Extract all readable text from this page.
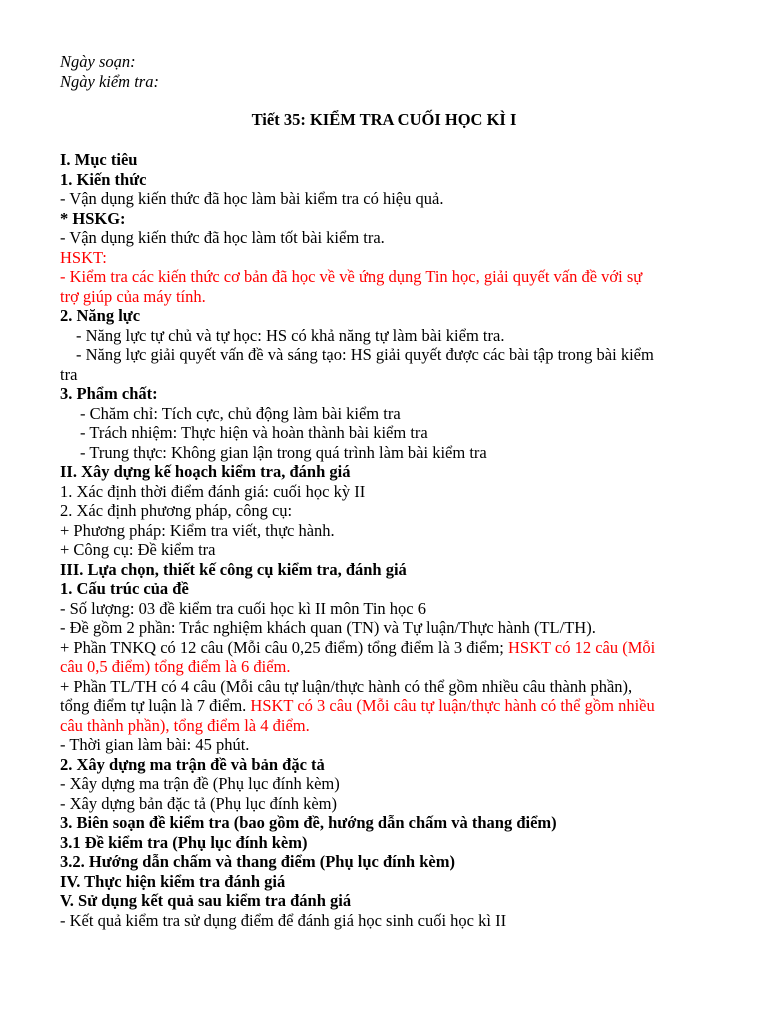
Ngày soạn:
Ngày kiểm tra:
Tiết 35: KIỂM TRA CUỐI HỌC KÌ I
I. Mục tiêu
1. Kiến thức
- Vận dụng kiến thức đã học làm bài kiểm tra có hiệu quả.
* HSKG:
- Vận dụng kiến thức đã học làm tốt bài kiểm tra.
HSKT:
- Kiểm tra các kiến thức cơ bản đã học về về ứng dụng Tin học, giải quyết vấn đề với sự
trợ giúp của máy tính.
2. Năng lực
- Năng lực tự chủ và tự học: HS có khả năng tự làm bài kiểm tra.
- Năng lực giải quyết vấn đề và sáng tạo: HS giải quyết được các bài tập trong bài kiểm
tra
3. Phẩm chất:
- Chăm chỉ: Tích cực, chủ động làm bài kiểm tra
- Trách nhiệm: Thực hiện và hoàn thành bài kiểm tra
- Trung thực: Không gian lận trong quá trình làm bài kiểm tra
II. Xây dựng kế hoạch kiểm tra, đánh giá
1. Xác định thời điểm đánh giá: cuối học kỳ II
2. Xác định phương pháp, công cụ:
+ Phương pháp: Kiểm tra viết, thực hành.
+ Công cụ: Đề kiểm tra
III. Lựa chọn, thiết kế công cụ kiểm tra, đánh giá
1. Cấu trúc của đề
- Số lượng: 03 đề kiểm tra cuối học kì II môn Tin học 6
- Đề gồm 2 phần: Trắc nghiệm khách quan (TN) và Tự luận/Thực hành (TL/TH).
+ Phần TNKQ có 12 câu (Mỗi câu 0,25 điểm) tổng điểm là 3 điểm; HSKT có 12 câu (Mỗi
câu 0,5 điểm) tổng điểm là 6 điểm.
+ Phần TL/TH có 4 câu (Mỗi câu tự luận/thực hành có thể gồm nhiều câu thành phần),
tổng điểm tự luận là 7 điểm. HSKT có 3 câu (Mỗi câu tự luận/thực hành có thể gồm nhiều
câu thành phần), tổng điểm là 4 điểm.
- Thời gian làm bài: 45 phút.
2. Xây dựng ma trận đề và bản đặc tả
- Xây dựng ma trận đề (Phụ lục đính kèm)
- Xây dựng bản đặc tả (Phụ lục đính kèm)
3. Biên soạn đề kiểm tra (bao gồm đề, hướng dẫn chấm và thang điểm)
3.1 Đề kiểm tra (Phụ lục đính kèm)
3.2. Hướng dẫn chấm và thang điểm (Phụ lục đính kèm)
IV. Thực hiện kiểm tra đánh giá
V. Sử dụng kết quả sau kiểm tra đánh giá
- Kết quả kiểm tra sử dụng điểm để đánh giá học sinh cuối học kì II
